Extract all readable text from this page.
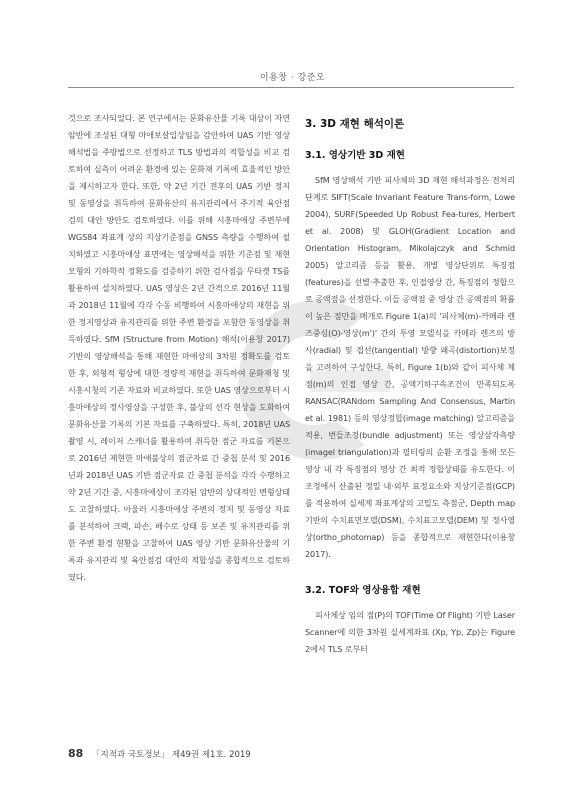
이용창 · 강준오

것으로 조사되었다. 본 연구에서는 문화유산물 기록 대상이 자연 암반에 조성된 대형 마애보살입상임을 감안하여 UAS 기반 영상해석법을 주방법으로 선정하고 TLS 방법과의 적합성을 비교 검토하여 실측이 어려운 환경에 있는 문화재 기록에 효율적인 방안을 제시하고자 한다. 또한, 약 2년 기간 전후의 UAS 기반 정지 및 동영상을 취득하여 문화유산의 유지관리에서 주기적 육안점검의 대안 방안도 검토하였다. 이를 위해 시흥마애상 주변부에 WGS84 좌표계 상의 지상기준점을 GNSS 측량을 수행하여 설치하였고 시흥마애상 표면에는 영상해석을 위한 기준점 및 재현모형의 기하학적 정확도를 검증하기 위한 검사점을 무타켓 TS를 활용하여 설치하였다. UAS 영상은 2년 간격으로 2016년 11월과 2018년 11월에 각각 수동 비행하여 시흥마애상의 재현을 위한 정지영상과 유지관리를 위한 주변 환경을 포함한 동영상을 취득하였다. SfM (Structure from Motion) 해석(이용창 2017)기반의 영상해석을 통해 재현한 마애상의 3차원 정확도를 검토한 후, 외형적 형상에 대한 정량적 재현을 취득하여 문화재청 및 시흥시청의 기존 자료와 비교하였다. 또한 UAS 영상으로부터 시흥마애상의 정사영상을 구성한 후, 불상의 선각 현상을 도화하여 문화유산물 기록의 기본 자료를 구축하였다. 특히, 2018년 UAS 촬영 시, 레이저 스캐너를 활용하여 취득한 점군 자료를 기본으로 2016년 재현한 마애불상의 점군자료 간 중첩 분석 및 2016년과 2018년 UAS 기반 점군자료 간 중첩 분석을 각각 수행하고 약 2년 기간 중, 시흥마애상이 조각된 암반의 상대적인 변형상태도 고찰하였다. 아울러 시흥마애상 주변의 정지 및 동영상 자료를 분석하여 크랙, 파손, 배수로 상태 등 보존 및 유지관리를 위한 주변 환경 현황을 고찰하여 UAS 영상 기반 문화유산물의 기록과 유지관리 및 육안점검 대안의 적합성을 종합적으로 검토하였다.

3. 3D 재현 해석이론
3.1. 영상기반 3D 재현

SfM 영상해석 기반 피사체의 3D 재현 해석과정은 전처리 단계로 SIFT(Scale Invariant Feature Trans-form, Lowe 2004), SURF(Speeded Up Robust Fea-tures, Herbert et al. 2008) 및 GLOH(Gradient Location and Orientation Histogram, Mikolajczyk and Schmid 2005) 알고리즘 등을 활용, 개별 영상단위로 특징점(features)을 선별·추출한 후, 인접영상 간, 특징점의 정합으로 공액점을 선정한다. 이들 공액점 중 영상 간 공액점의 확률이 높은 점만을 매개로 Figure 1(a)의 '피사체(m)-카메라 렌즈중심(O)-영상(m')' 간의 투영 모델식을 카메라 렌즈의 방사(radial) 및 접선(tangential) 방향 왜곡(distortion)보정을 고려하여 구성한다. 특히, Figure 1(b)와 같이 피사체 제 점(m)의 인접 영상 간, 공액기하구속조건이 만족되도록 RANSAC(RANdom Sampling And Consensus, Martin et al. 1981) 등의 영상정합(image matching) 알고리즘을 적용, 번들조정(bundle adjustment) 또는 영상삼각측량(imagel triangulation)과 필터링의 순환 조정을 통해 모든 영상 내 각 특징점의 영상 간 최적 정합상태를 유도한다. 이 조정에서 산출된 정밀 내·외부 표정요소와 지상기준점(GCP)를 적용하여 실세계 좌표계상의 고밀도 측점군, Depth map 기반의 수치표면모델(DSM), 수치표고모델(DEM) 및 정사영상(ortho_photomap) 등을 종합적으로 재현한다(이용창 2017).

3.2. TOF와 영상융합 재현

피사체상 임의 점(P)의 TOF(Time Of Flight) 기반 Laser Scanner에 의한 3차원 실세계좌표 (Xp, Yp, Zp)는 Figure 2에서 TLS 로부터

88 「지적과 국토정보」 제49권 제1호. 2019
